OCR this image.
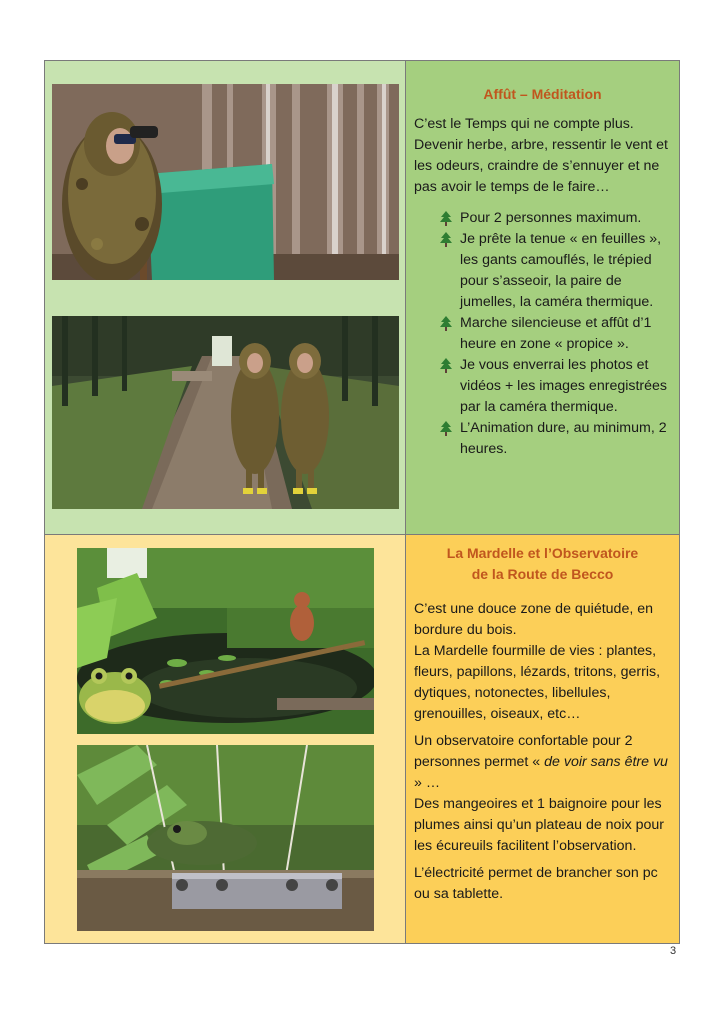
Affût – Méditation

C’est le Temps qui ne compte plus. Devenir herbe, arbre, ressentir le vent et les odeurs, craindre de s’ennuyer et ne pas avoir le temps de le faire…

Pour 2 personnes maximum.
Je prête la tenue « en feuilles », les gants camouflés, le trépied pour s’asseoir, la paire de jumelles, la caméra thermique.
Marche silencieuse et affût d’1 heure en zone « propice ».
Je vous enverrai les photos et vidéos + les images enregistrées par la caméra thermique.
L’Animation dure, au minimum, 2 heures.
La Mardelle et l’Observatoire
de la Route de Becco

C’est une douce zone de quiétude, en bordure du bois.

La Mardelle fourmille de vies : plantes, fleurs, papillons, lézards, tritons, gerris, dytiques, notonectes, libellules, grenouilles, oiseaux, etc…

Un observatoire confortable pour 2 personnes permet « de voir sans être vu » …

Des mangeoires et 1 baignoire pour les plumes ainsi qu’un plateau de noix pour les écureuils facilitent l’observation.

L’électricité permet de brancher son pc ou sa tablette.

3
